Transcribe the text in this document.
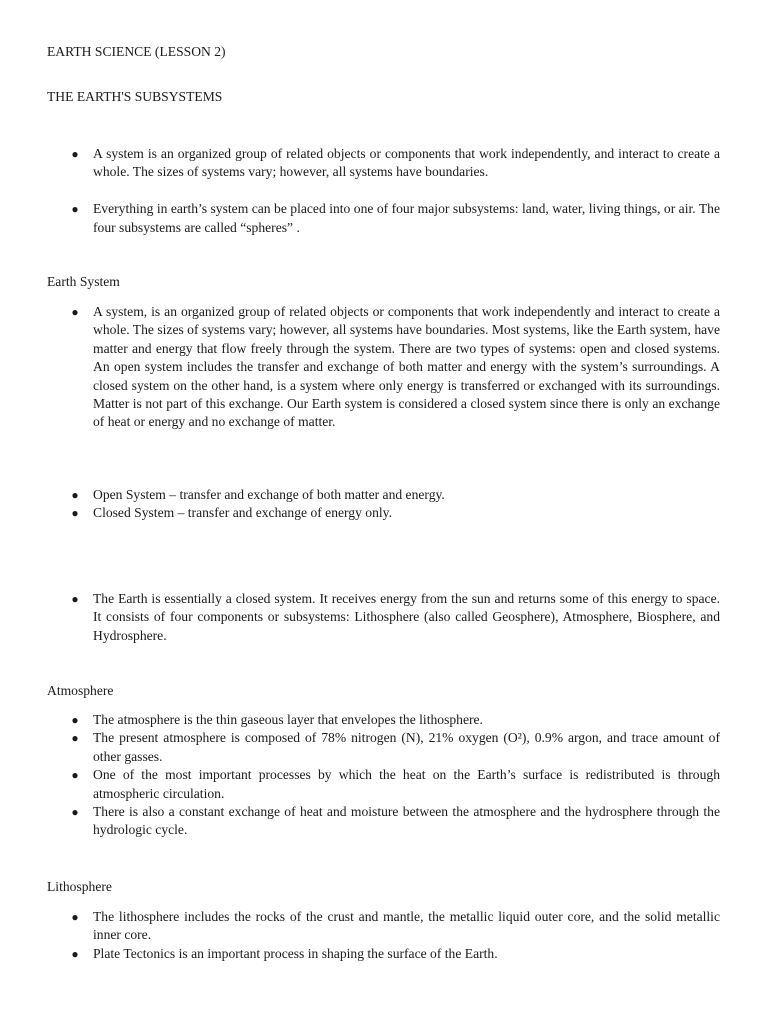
EARTH SCIENCE (LESSON 2)

THE EARTH'S SUBSYSTEMS

● A system is an organized group of related objects or components that work independently, and interact to create a whole. The sizes of systems vary; however, all systems have boundaries.
● Everything in earth’s system can be placed into one of four major subsystems: land, water, living things, or air. The four subsystems are called “spheres” .

Earth System

● A system, is an organized group of related objects or components that work independently and interact to create a whole. The sizes of systems vary; however, all systems have boundaries. Most systems, like the Earth system, have matter and energy that flow freely through the system. There are two types of systems: open and closed systems. An open system includes the transfer and exchange of both matter and energy with the system’s surroundings. A closed system on the other hand, is a system where only energy is transferred or exchanged with its surroundings. Matter is not part of this exchange. Our Earth system is considered a closed system since there is only an exchange of heat or energy and no exchange of matter.
● Open System – transfer and exchange of both matter and energy.
● Closed System – transfer and exchange of energy only.
● The Earth is essentially a closed system. It receives energy from the sun and returns some of this energy to space. It consists of four components or subsystems: Lithosphere (also called Geosphere), Atmosphere, Biosphere, and Hydrosphere.

Atmosphere

● The atmosphere is the thin gaseous layer that envelopes the lithosphere.
● The present atmosphere is composed of 78% nitrogen (N), 21% oxygen (O²), 0.9% argon, and trace amount of other gasses.
● One of the most important processes by which the heat on the Earth’s surface is redistributed is through atmospheric circulation.
● There is also a constant exchange of heat and moisture between the atmosphere and the hydrosphere through the hydrologic cycle.

Lithosphere

● The lithosphere includes the rocks of the crust and mantle, the metallic liquid outer core, and the solid metallic inner core.
● Plate Tectonics is an important process in shaping the surface of the Earth.
